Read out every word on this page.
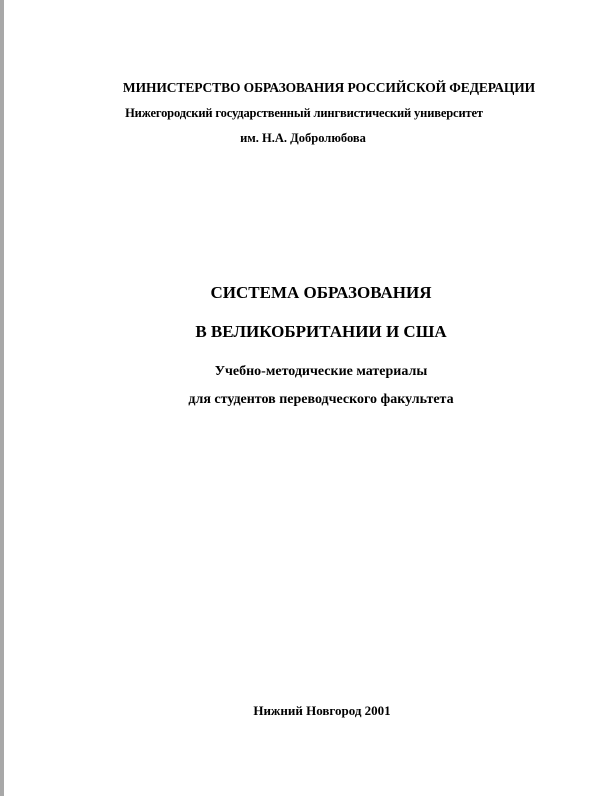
МИНИСТЕРСТВО ОБРАЗОВАНИЯ РОССИЙСКОЙ ФЕДЕРАЦИИ
Нижегородский государственный лингвистический университет
им. Н.А. Добролюбова
СИСТЕМА ОБРАЗОВАНИЯ
В ВЕЛИКОБРИТАНИИ И США
Учебно-методические материалы
для студентов переводческого факультета
Нижний Новгород 2001
